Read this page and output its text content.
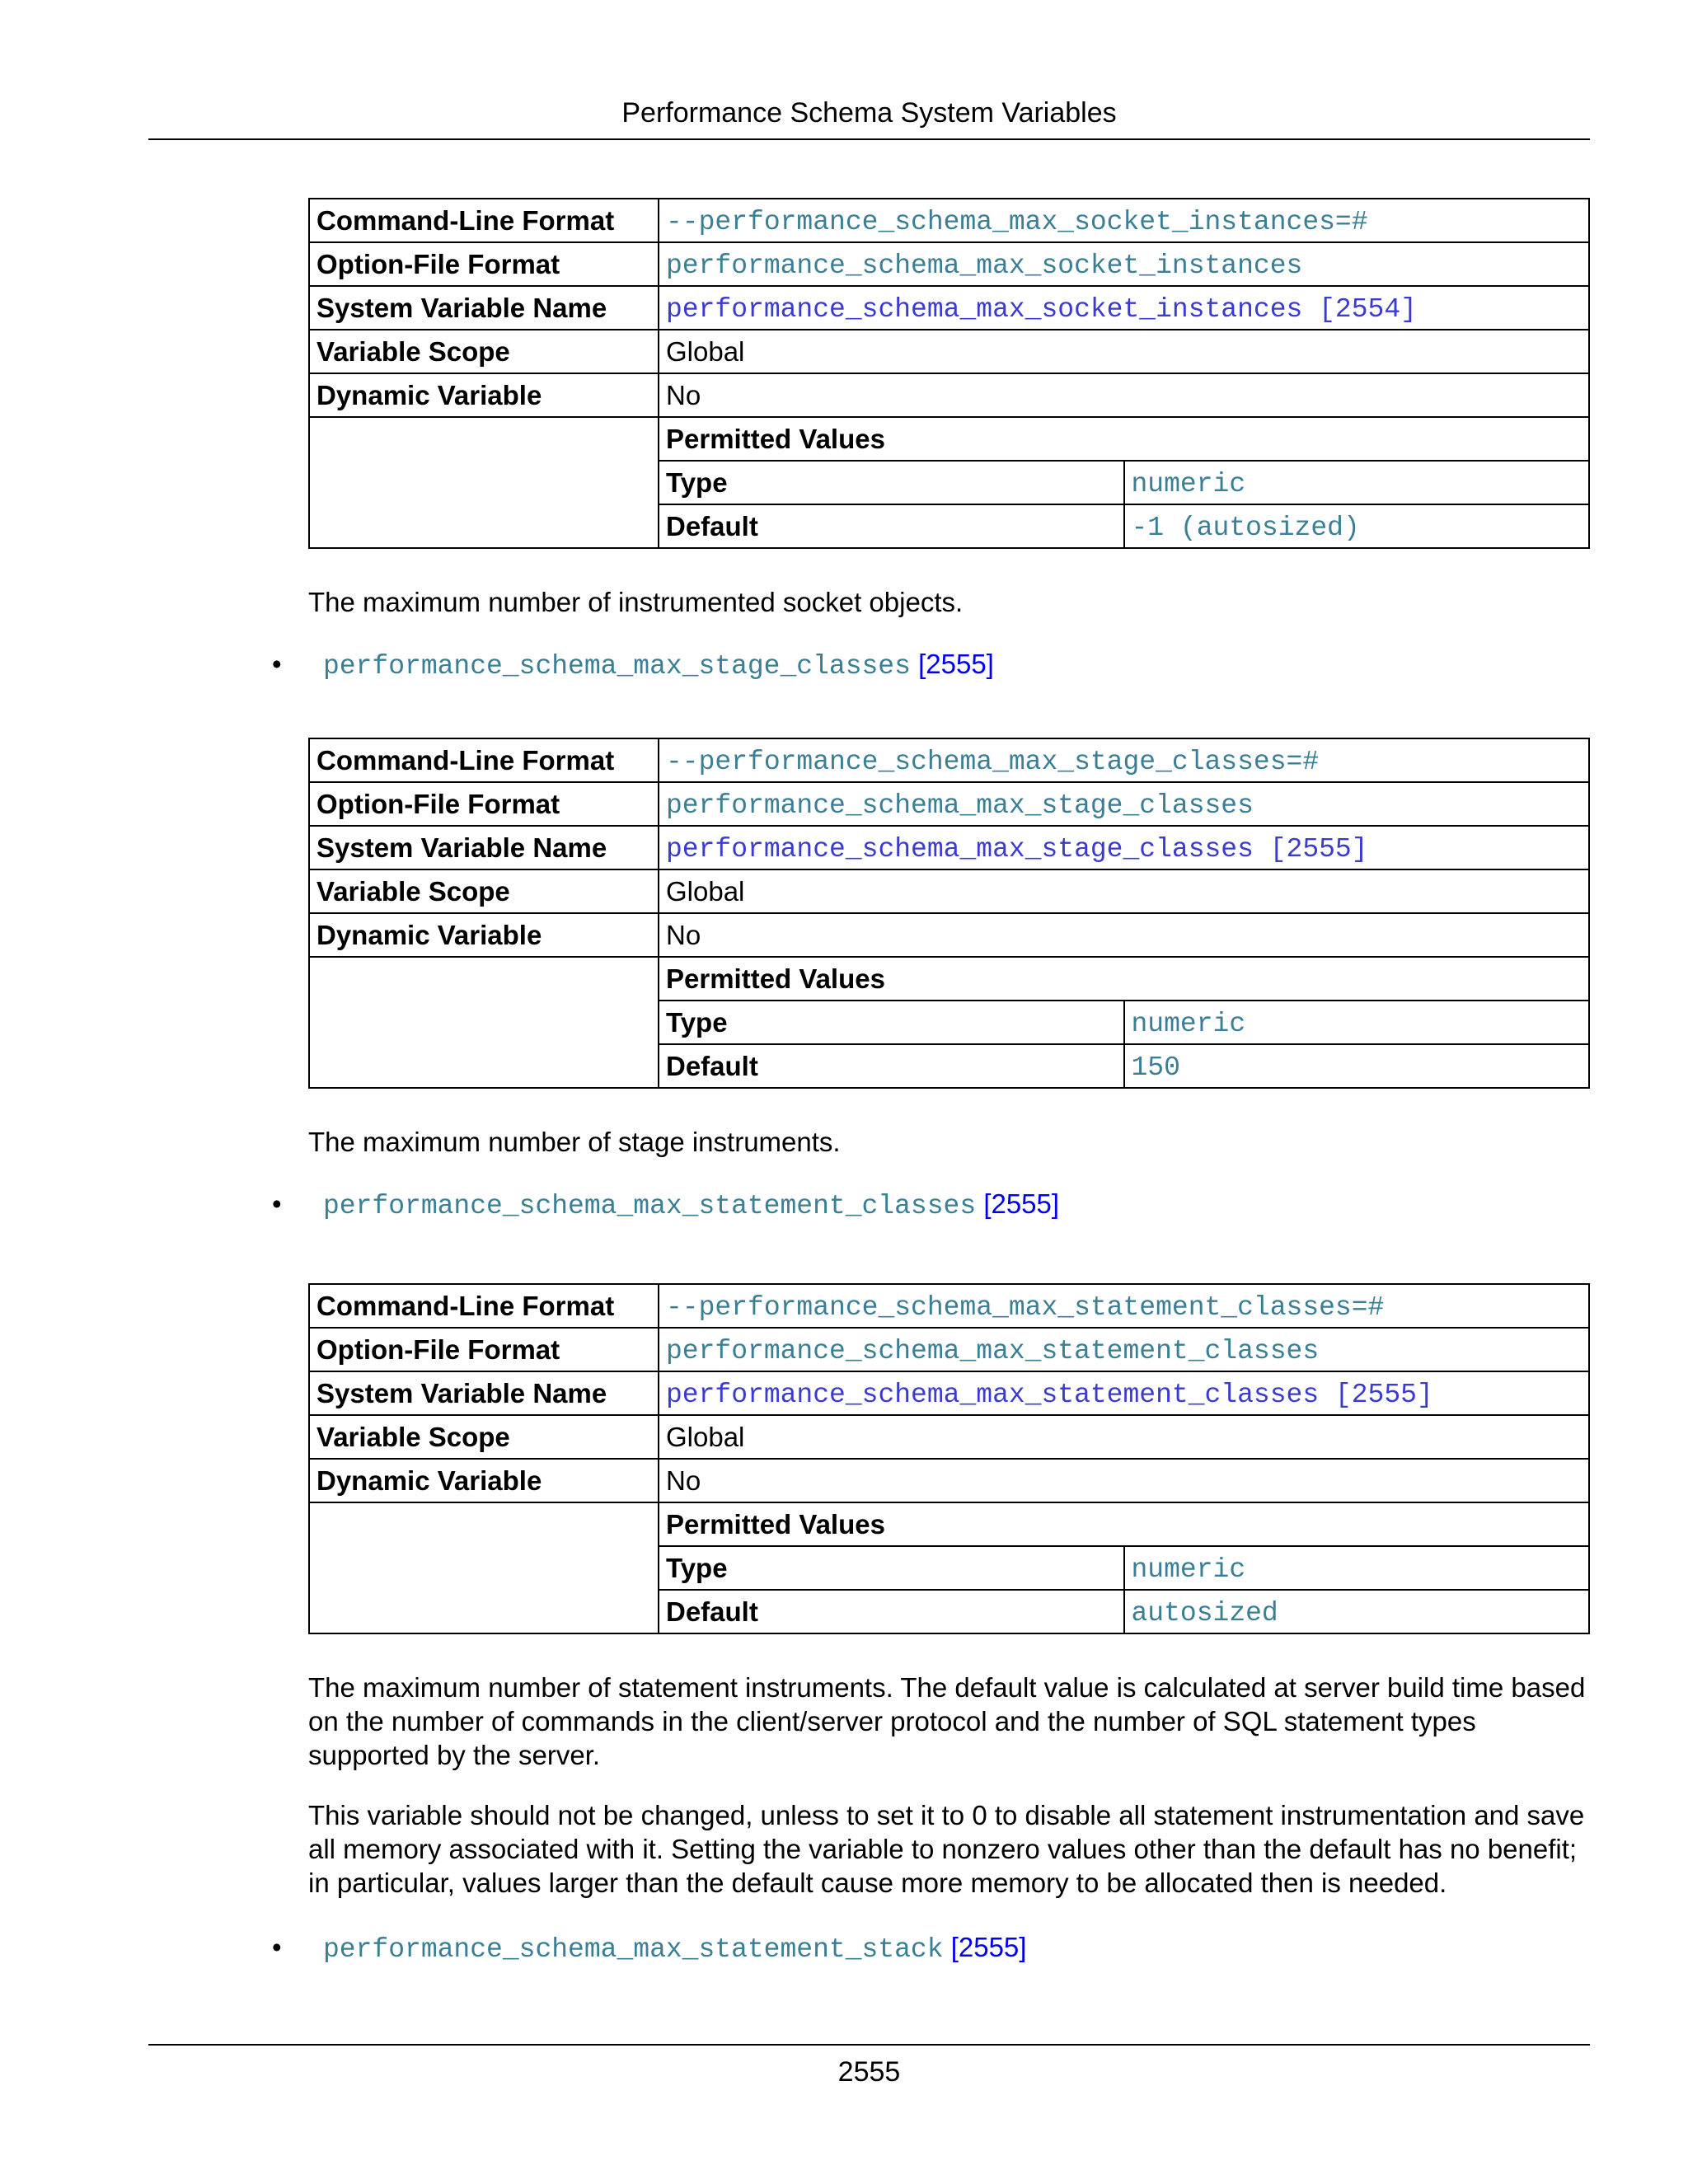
Performance Schema System Variables
Command-Line Format	--performance_schema_max_socket_instances=#	
Option-File Format	performance_schema_max_socket_instances	
System Variable Name	performance_schema_max_socket_instances [2554]	
Variable Scope	Global	
Dynamic Variable	No	
	Permitted Values	
	Type	numeric
	Default	-1 (autosized)

The maximum number of instrumented socket objects.

• performance_schema_max_stage_classes [2555]
Command-Line Format	--performance_schema_max_stage_classes=#	
Option-File Format	performance_schema_max_stage_classes	
System Variable Name	performance_schema_max_stage_classes [2555]	
Variable Scope	Global	
Dynamic Variable	No	
	Permitted Values	
	Type	numeric
	Default	150

The maximum number of stage instruments.

• performance_schema_max_statement_classes [2555]
Command-Line Format	--performance_schema_max_statement_classes=#	
Option-File Format	performance_schema_max_statement_classes	
System Variable Name	performance_schema_max_statement_classes [2555]	
Variable Scope	Global	
Dynamic Variable	No	
	Permitted Values	
	Type	numeric
	Default	autosized

The maximum number of statement instruments. The default value is calculated at server build time based on the number of commands in the client/server protocol and the number of SQL statement types supported by the server.

This variable should not be changed, unless to set it to 0 to disable all statement instrumentation and save all memory associated with it. Setting the variable to nonzero values other than the default has no benefit; in particular, values larger than the default cause more memory to be allocated then is needed.

• performance_schema_max_statement_stack [2555]
2555
